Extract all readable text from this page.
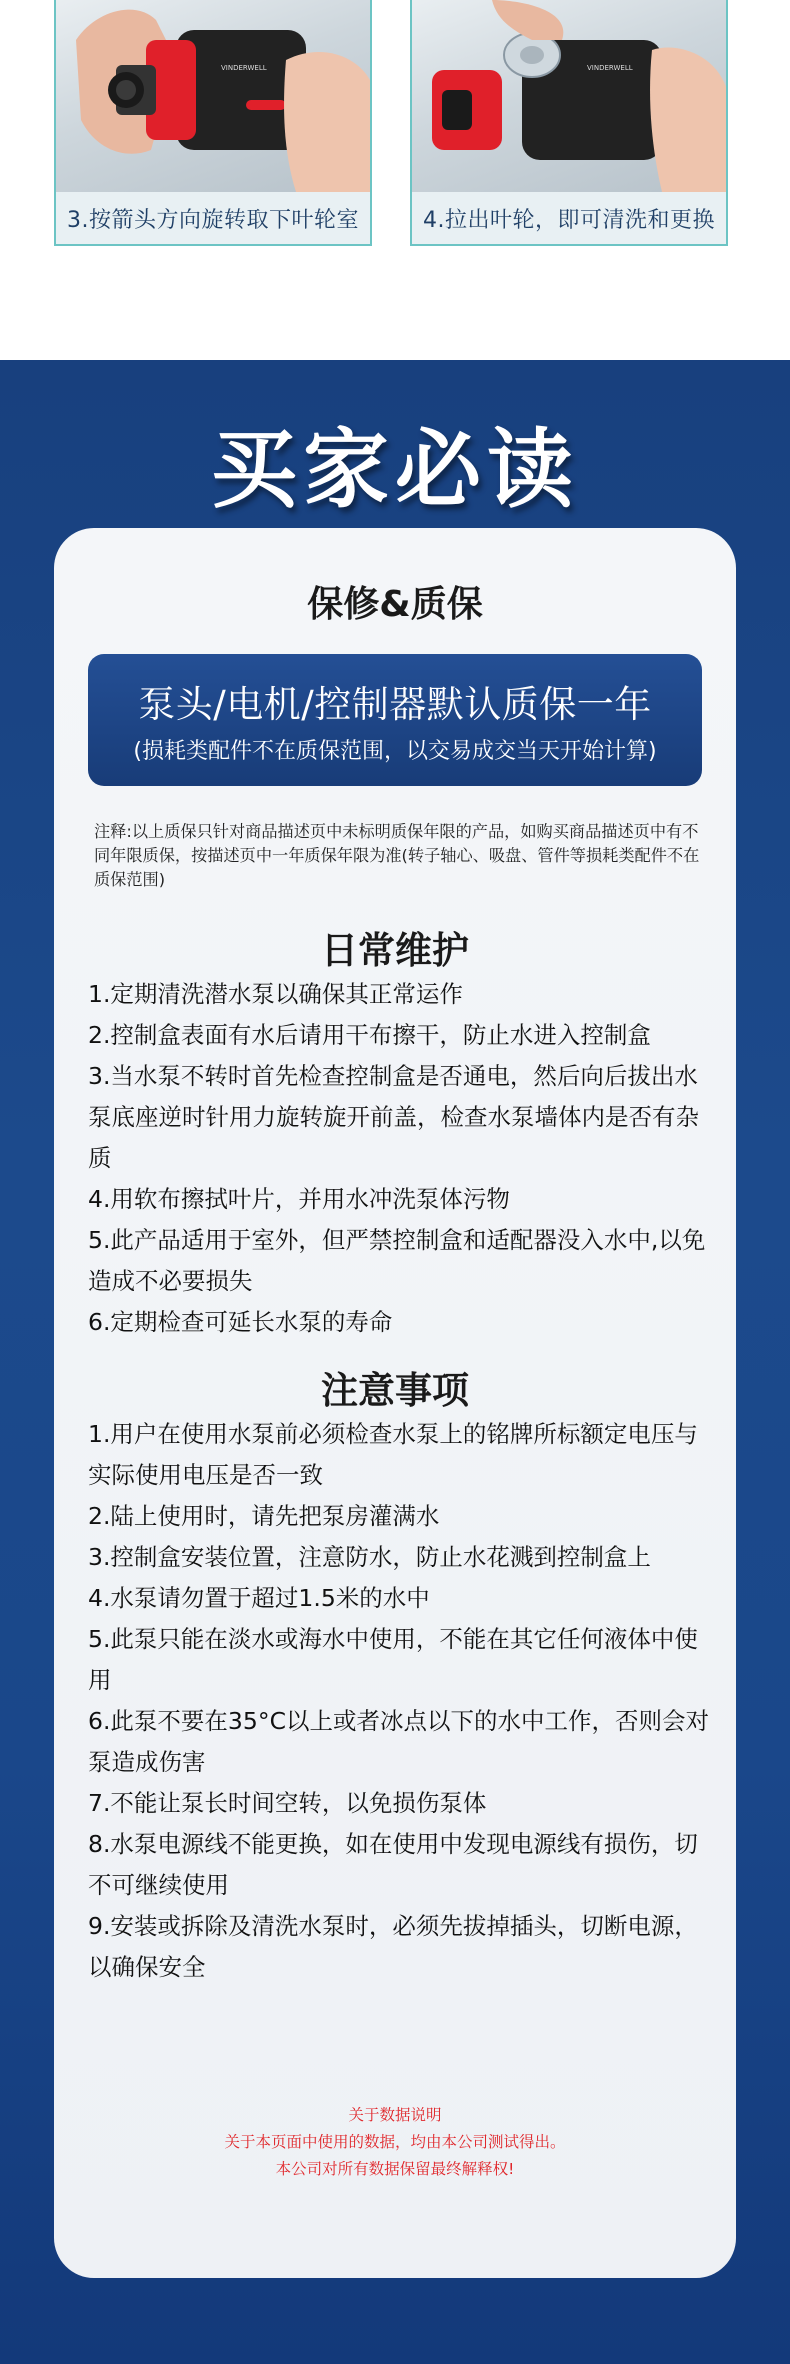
VINDERWELL
3.按箭头方向旋转取下叶轮室
VINDERWELL
4.拉出叶轮，即可清洗和更换
买家必读
保修&质保
泵头/电机/控制器默认质保一年
(损耗类配件不在质保范围，以交易成交当天开始计算)
注释:以上质保只针对商品描述页中未标明质保年限的产品，如购买商品描述页中有不同年限质保，按描述页中一年质保年限为准(转子轴心、吸盘、管件等损耗类配件不在质保范围)
日常维护
1.定期清洗潜水泵以确保其正常运作
2.控制盒表面有水后请用干布擦干，防止水进入控制盒
3.当水泵不转时首先检查控制盒是否通电，然后向后拔出水泵底座逆时针用力旋转旋开前盖，检查水泵墙体内是否有杂质
4.用软布擦拭叶片，并用水冲洗泵体污物
5.此产品适用于室外，但严禁控制盒和适配器没入水中,以免造成不必要损失
6.定期检查可延长水泵的寿命
注意事项
1.用户在使用水泵前必须检查水泵上的铭牌所标额定电压与实际使用电压是否一致
2.陆上使用时，请先把泵房灌满水
3.控制盒安装位置，注意防水，防止水花溅到控制盒上
4.水泵请勿置于超过1.5米的水中
5.此泵只能在淡水或海水中使用，不能在其它任何液体中使用
6.此泵不要在35°C以上或者冰点以下的水中工作，否则会对泵造成伤害
7.不能让泵长时间空转，以免损伤泵体
8.水泵电源线不能更换，如在使用中发现电源线有损伤，切不可继续使用
9.安装或拆除及清洗水泵时，必须先拔掉插头，切断电源，以确保安全
关于数据说明
关于本页面中使用的数据，均由本公司测试得出。
本公司对所有数据保留最终解释权!
